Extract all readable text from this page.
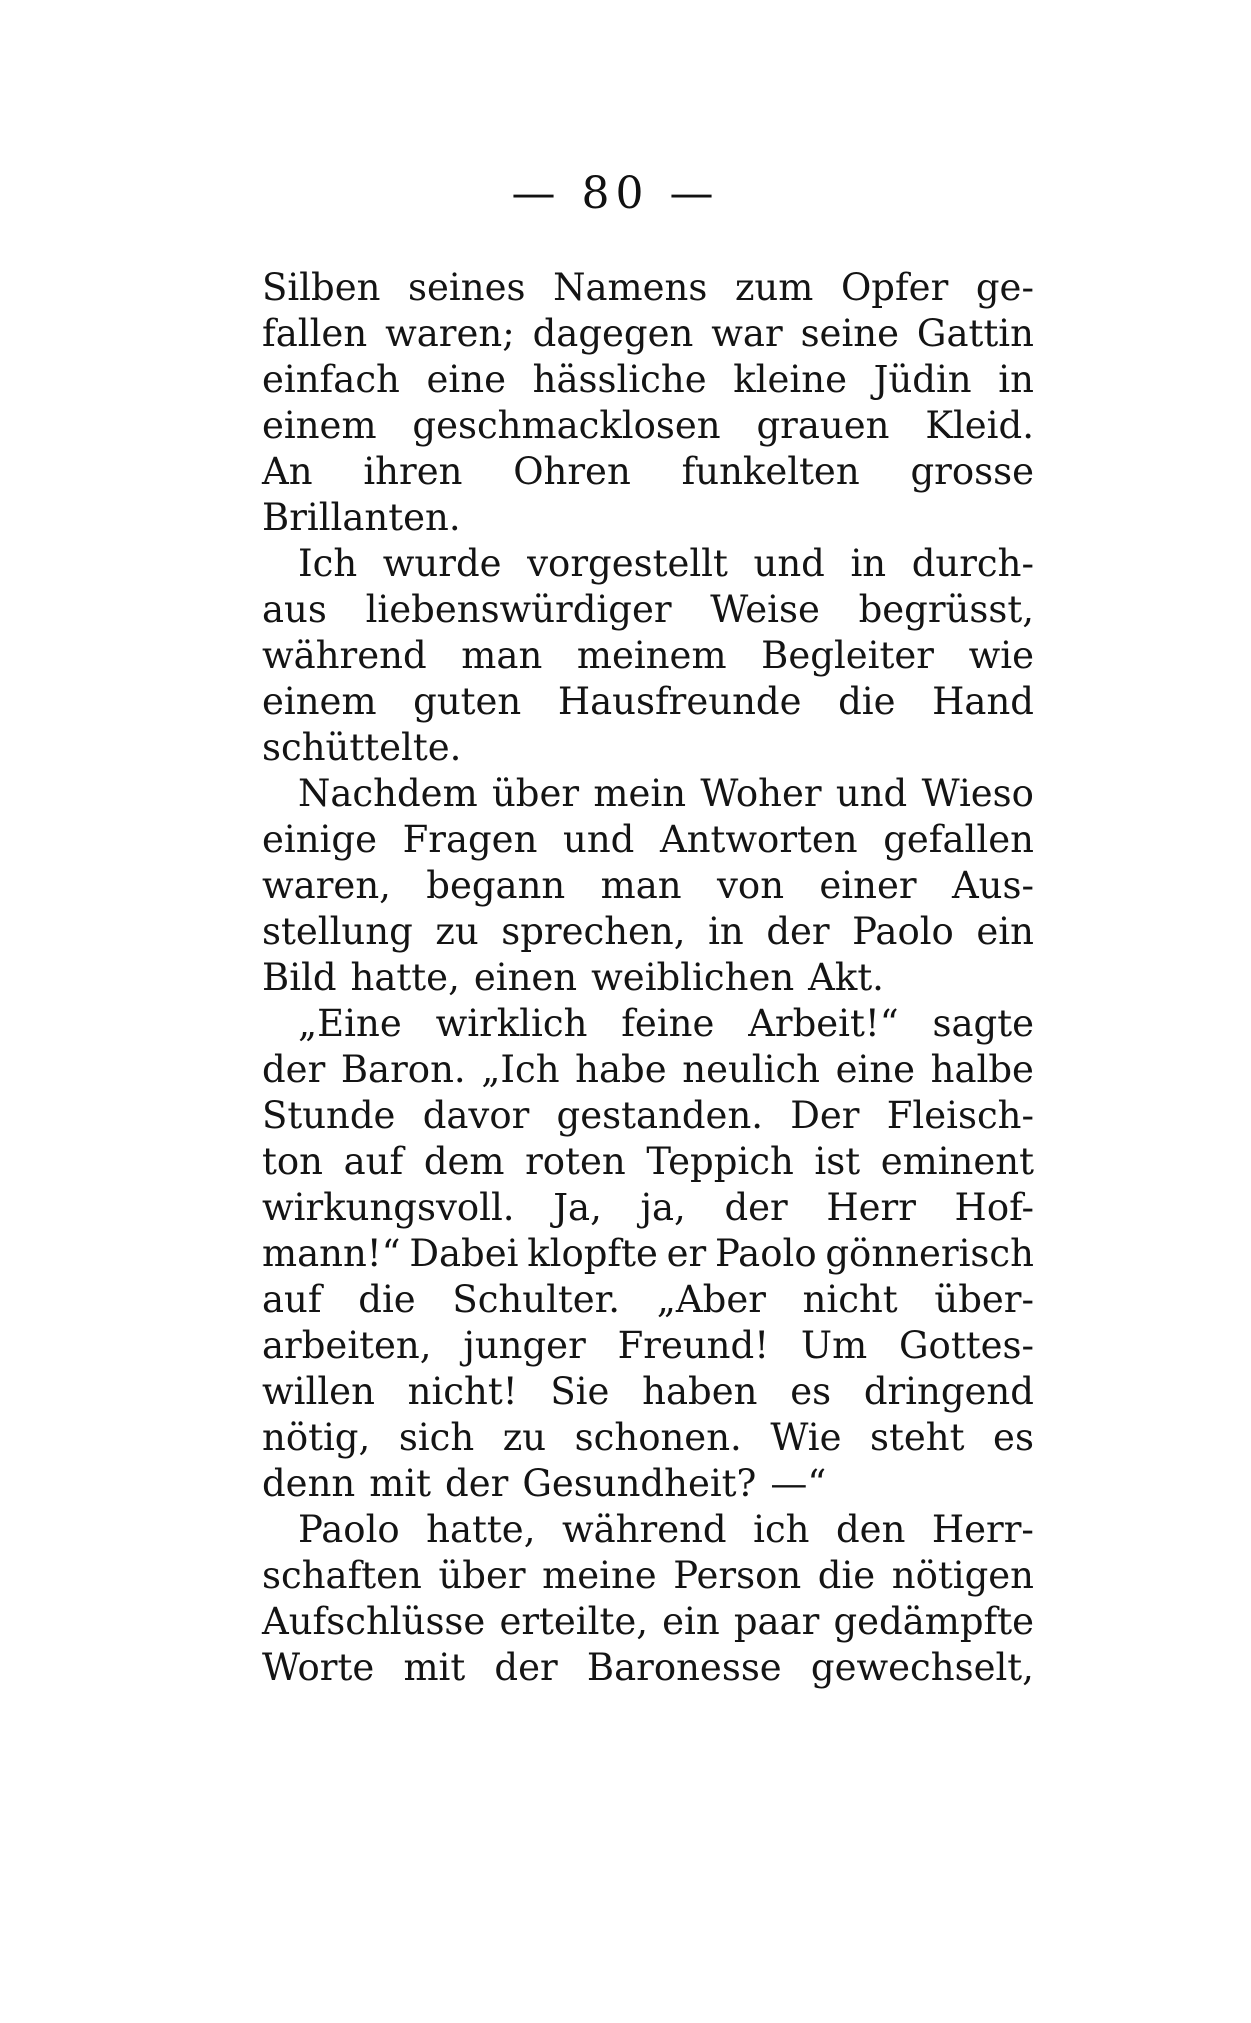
— 80 —
Silben seines Namens zum Opfer ge-
fallen waren; dagegen war seine Gattin
einfach eine hässliche kleine Jüdin in
einem geschmacklosen grauen Kleid.
An ihren Ohren funkelten grosse
Brillanten.
Ich wurde vorgestellt und in durch-
aus liebenswürdiger Weise begrüsst,
während man meinem Begleiter wie
einem guten Hausfreunde die Hand
schüttelte.
Nachdem über mein Woher und Wieso
einige Fragen und Antworten gefallen
waren, begann man von einer Aus-
stellung zu sprechen, in der Paolo ein
Bild hatte, einen weiblichen Akt.
„Eine wirklich feine Arbeit!“ sagte
der Baron. „Ich habe neulich eine halbe
Stunde davor gestanden. Der Fleisch-
ton auf dem roten Teppich ist eminent
wirkungsvoll. Ja, ja, der Herr Hof-
mann!“ Dabei klopfte er Paolo gönnerisch
auf die Schulter. „Aber nicht über-
arbeiten, junger Freund! Um Gottes-
willen nicht! Sie haben es dringend
nötig, sich zu schonen. Wie steht es
denn mit der Gesundheit? —“
Paolo hatte, während ich den Herr-
schaften über meine Person die nötigen
Aufschlüsse erteilte, ein paar gedämpfte
Worte mit der Baronesse gewechselt,
